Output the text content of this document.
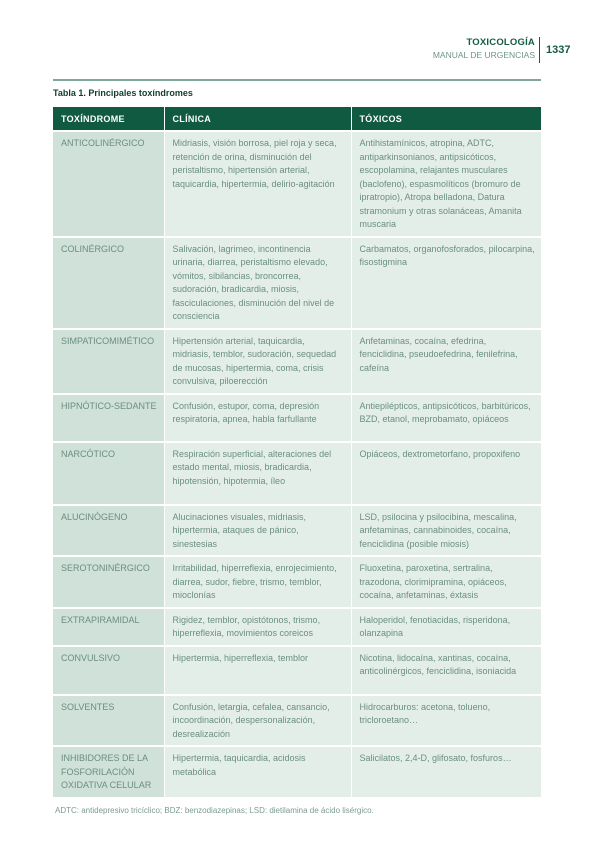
TOXICOLOGÍA
MANUAL DE URGENCIAS 1337
Tabla 1. Principales toxíndromes
TOXÍNDROME	CLÍNICA	TÓXICOS
ANTICOLINÉRGICO	Midriasis, visión borrosa, piel roja y seca, retención de orina, disminución del peristaltismo, hipertensión arterial, taquicardia, hipertermia, delirio-agitación	Antihistamínicos, atropina, ADTC, antiparkinsonianos, antipsicóticos, escopolamina, relajantes musculares (baclofeno), espasmolíticos (bromuro de ipratropio), Atropa belladona, Datura stramonium y otras solanáceas, Amanita muscaria
COLINÉRGICO	Salivación, lagrimeo, incontinencia urinaria, diarrea, peristaltismo elevado, vómitos, sibilancias, broncorrea, sudoración, bradicardia, miosis, fasciculaciones, disminución del nivel de consciencia	Carbamatos, organofosforados, pilocarpina, fisostigmina
SIMPATICOMIMÉTICO	Hipertensión arterial, taquicardia, midriasis, temblor, sudoración, sequedad de mucosas, hipertermia, coma, crisis convulsiva, piloerección	Anfetaminas, cocaína, efedrina, fenciclidina, pseudoefedrina, fenilefrina, cafeína
HIPNÓTICO-SEDANTE	Confusión, estupor, coma, depresión respiratoria, apnea, habla farfullante	Antiepilépticos, antipsicóticos, barbitúricos, BZD, etanol, meprobamato, opiáceos
NARCÓTICO	Respiración superficial, alteraciones del estado mental, miosis, bradicardia, hipotensión, hipotermia, íleo	Opiáceos, dextrometorfano, propoxifeno
ALUCINÓGENO	Alucinaciones visuales, midriasis, hipertermia, ataques de pánico, sinestesias	LSD, psilocina y psilocibina, mescalina, anfetaminas, cannabinoides, cocaína, fenciclidina (posible miosis)
SEROTONINÉRGICO	Irritabilidad, hiperreflexia, enrojecimiento, diarrea, sudor, fiebre, trismo, temblor, mioclonías	Fluoxetina, paroxetina, sertralina, trazodona, clorimipramina, opiáceos, cocaína, anfetaminas, éxtasis
EXTRAPIRAMIDAL	Rigidez, temblor, opistótonos, trismo, hiperreflexia, movimientos coreicos	Haloperidol, fenotiacidas, risperidona, olanzapina
CONVULSIVO	Hipertermia, hiperreflexia, temblor	Nicotina, lidocaína, xantinas, cocaína, anticolinérgicos, fenciclidina, isoniacida
SOLVENTES	Confusión, letargia, cefalea, cansancio, incoordinación, despersonalización, desrealización	Hidrocarburos: acetona, tolueno, tricloroetano…
INHIBIDORES DE LA FOSFORILACIÓN OXIDATIVA CELULAR	Hipertermia, taquicardia, acidosis metabólica	Salicilatos, 2,4-D, glifosato, fosfuros…
ADTC: antidepresivo tricíclico; BDZ: benzodiazepinas; LSD: dietilamina de ácido lisérgico.
